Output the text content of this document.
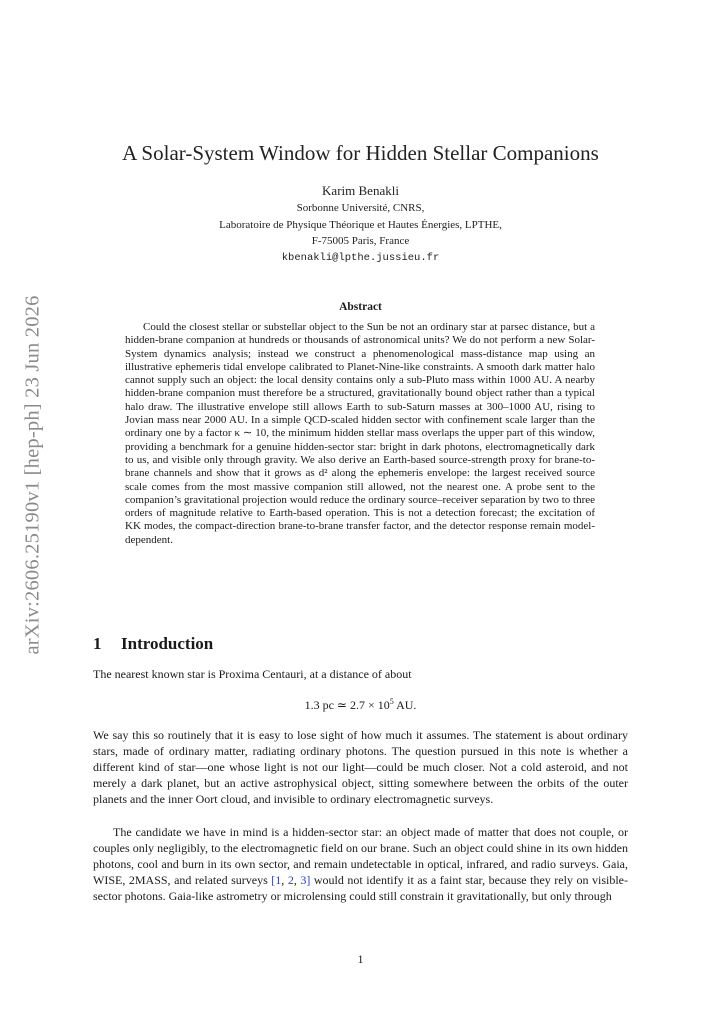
arXiv:2606.25190v1 [hep-ph] 23 Jun 2026
A Solar-System Window for Hidden Stellar Companions
Karim Benakli
Sorbonne Université, CNRS,
Laboratoire de Physique Théorique et Hautes Énergies, LPTHE,
F-75005 Paris, France
kbenakli@lpthe.jussieu.fr
Abstract

Could the closest stellar or substellar object to the Sun be not an ordinary star at parsec distance, but a hidden-brane companion at hundreds or thousands of astronomical units? We do not perform a new Solar-System dynamics analysis; instead we construct a phenomenological mass-distance map using an illustrative ephemeris tidal envelope calibrated to Planet-Nine-like constraints. A smooth dark matter halo cannot supply such an object: the local density contains only a sub-Pluto mass within 1000 AU. A nearby hidden-brane companion must therefore be a structured, gravitationally bound object rather than a typical halo draw. The illustrative envelope still allows Earth to sub-Saturn masses at 300–1000 AU, rising to Jovian mass near 2000 AU. In a simple QCD-scaled hidden sector with confinement scale larger than the ordinary one by a factor κ ∼ 10, the minimum hidden stellar mass overlaps the upper part of this window, providing a benchmark for a genuine hidden-sector star: bright in dark photons, electromagnetically dark to us, and visible only through gravity. We also derive an Earth-based source-strength proxy for brane-to-brane channels and show that it grows as d² along the ephemeris envelope: the largest received source scale comes from the most massive companion still allowed, not the nearest one. A probe sent to the companion’s gravitational projection would reduce the ordinary source–receiver separation by two to three orders of magnitude relative to Earth-based operation. This is not a detection forecast; the excitation of KK modes, the compact-direction brane-to-brane transfer factor, and the detector response remain model-dependent.

1 Introduction

The nearest known star is Proxima Centauri, at a distance of about

1.3 pc ≃ $2.7 \times 10^5$ AU.

We say this so routinely that it is easy to lose sight of how much it assumes. The statement is about ordinary stars, made of ordinary matter, radiating ordinary photons. The question pursued in this note is whether a different kind of star—one whose light is not our light—could be much closer. Not a cold asteroid, and not merely a dark planet, but an active astrophysical object, sitting somewhere between the orbits of the outer planets and the inner Oort cloud, and invisible to ordinary electromagnetic surveys.

The candidate we have in mind is a hidden-sector star: an object made of matter that does not couple, or couples only negligibly, to the electromagnetic field on our brane. Such an object could shine in its own hidden photons, cool and burn in its own sector, and remain undetectable in optical, infrared, and radio surveys. Gaia, WISE, 2MASS, and related surveys [1, 2, 3] would not identify it as a faint star, because they rely on visible-sector photons. Gaia-like astrometry or microlensing could still constrain it gravitationally, but only through

1
